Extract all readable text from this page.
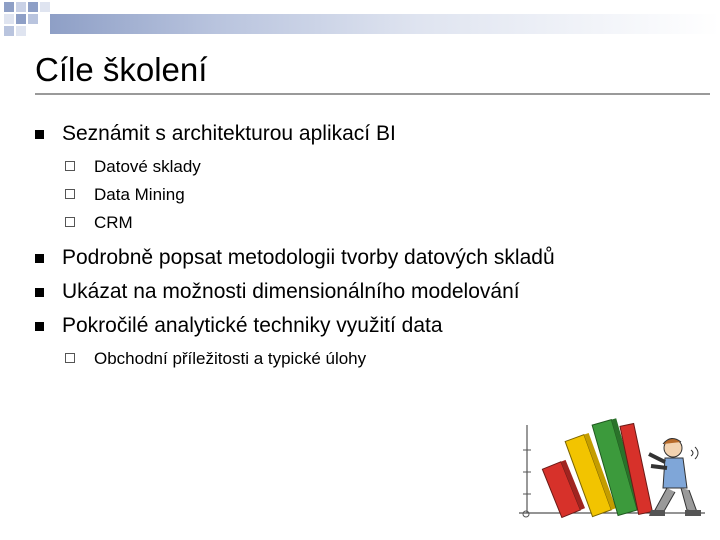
Cíle školení
Seznámit s architekturou aplikací BI
Datové sklady
Data Mining
CRM
Podrobně popsat metodologii tvorby datových skladů
Ukázat na možnosti dimensionálního modelování
Pokročilé analytické techniky využití data
Obchodní příležitosti a typické úlohy
